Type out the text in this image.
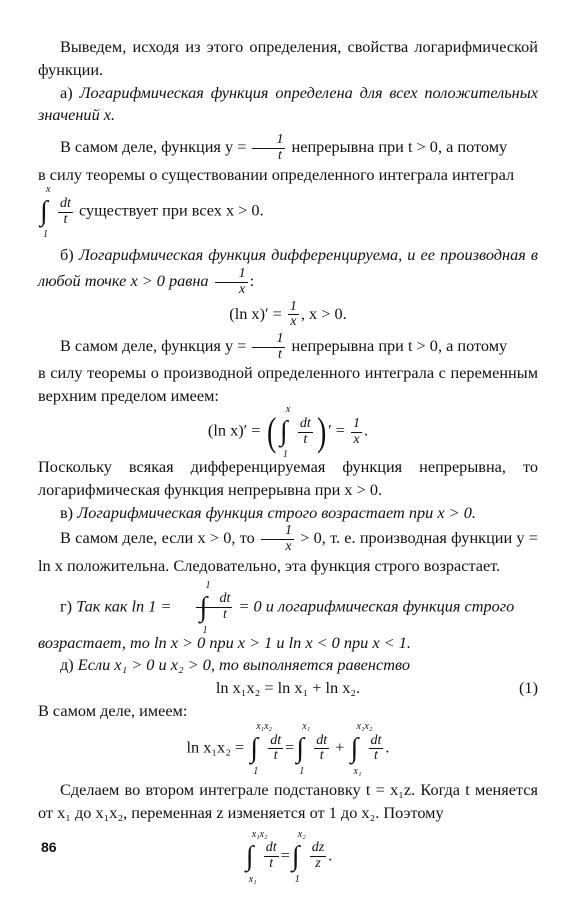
Выведем, исходя из этого определения, свойства логарифмической функции.

а) Логарифмическая функция определена для всех положительных значений x.

В самом деле, функция $y = \frac{1}{t}$ непрерывна при t > 0, а потому

в силу теоремы о существовании определенного интеграла интеграл

x
∫
1
$\frac{dt}{t}$ существует при всех x > 0.

б) Логарифмическая функция дифференцируема, и ее производная в любой точке x > 0 равна $\frac{1}{x}$ :

(ln $x)' = \frac{1}{x}$ , x > 0.

В самом деле, функция $y = \frac{1}{t}$ непрерывна при t > 0, а потому

в силу теоремы о производной определенного интеграла с переменным верхним пределом имеем:

(ln x)′ = ( x
∫
1
$\frac{dt}{t}$ ) ′ = $\frac{1}{x}$ .

Поскольку всякая дифференцируемая функция непрерывна, то логарифмическая функция непрерывна при x > 0.

в) Логарифмическая функция строго возрастает при x > 0.

В самом деле, если x > 0, то $\frac{1}{x} > 0$, т. е. производная функции y = ln x положительна. Следовательно, эта функция строго возрастает.

г) Так как ln 1 =
1
∫
1
$\frac{dt}{t} = 0$ и логарифмическая функция строго

возрастает, то ln x > 0 при x > 1 и ln x < 0 при x < 1.

д) Если x₁ > 0 и x₂ > 0, то выполняется равенство

ln x₁x₂ = ln x₁ + ln x₂.	(1)

В самом деле, имеем:

ln x₁x₂ =
x₁x₂
∫
1
$\frac{dt}{t}$ =
x₁
∫
1
$\frac{dt}{t}$ +
x₁x₂
∫
x₁
$\frac{dt}{t}$ .

Сделаем во втором интеграле подстановку t = x₁z. Когда t меняется от x₁ до x₁x₂, переменная z изменяется от 1 до x₂. Поэтому

x₁x₂
∫
x₁
$\frac{dt}{t}$ =
x₂
∫
1
$\frac{dz}{z}$ .

86
